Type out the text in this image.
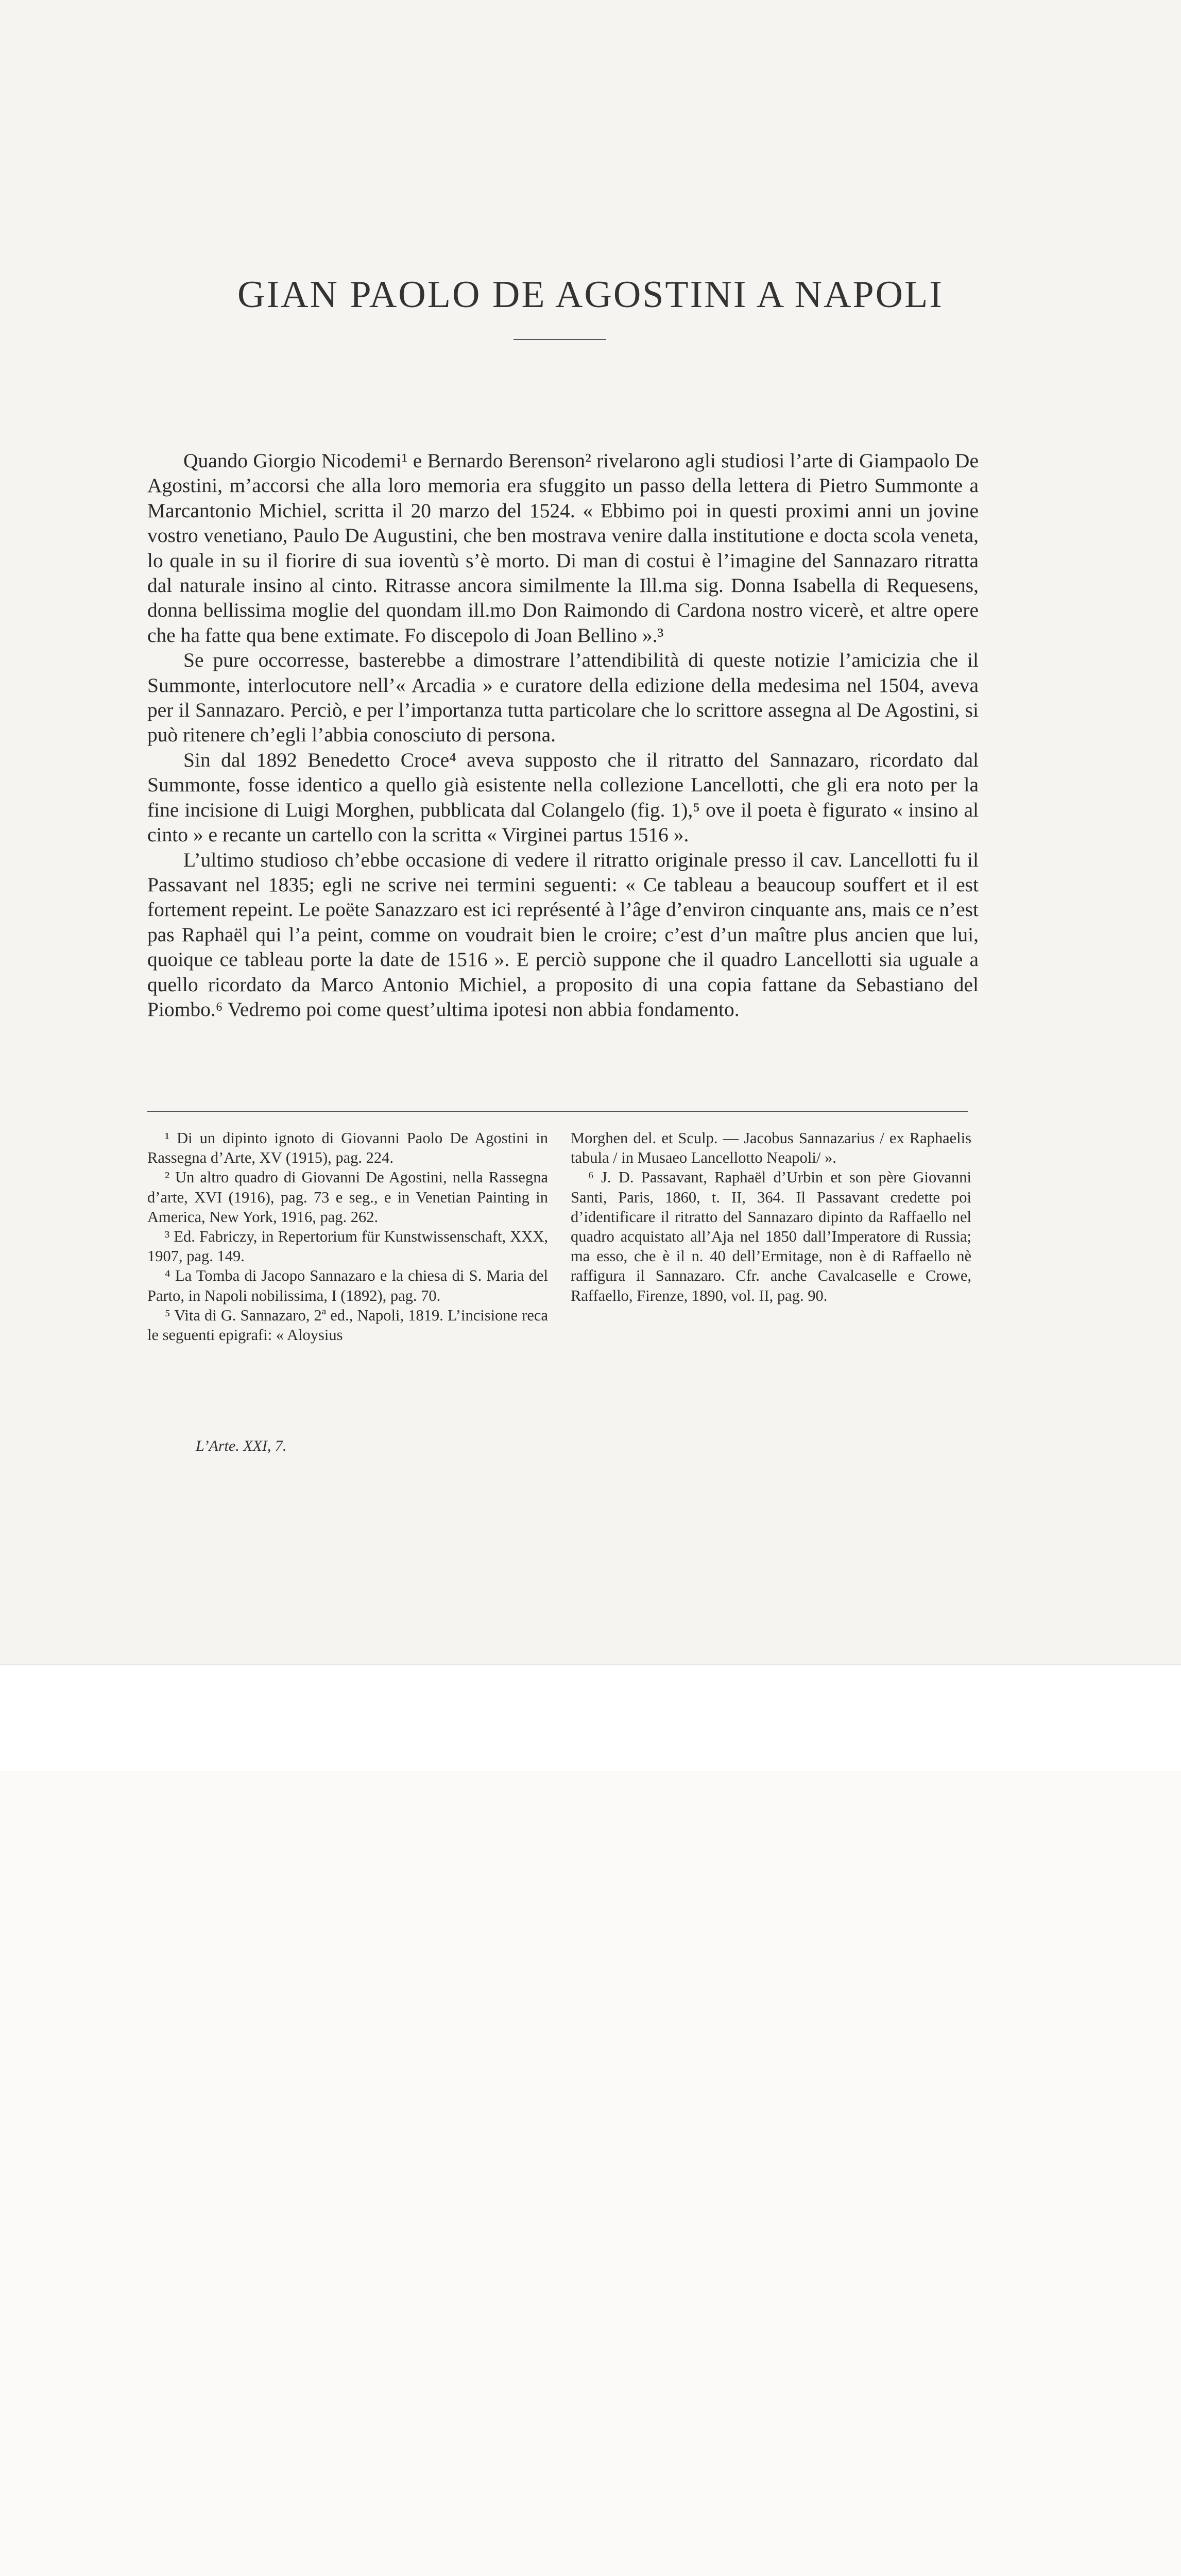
GIAN PAOLO DE AGOSTINI A NAPOLI

Quando Giorgio Nicodemi¹ e Bernardo Berenson² rivelarono agli studiosi l’arte di Giampaolo De Agostini, m’accorsi che alla loro memoria era sfuggito un passo della lettera di Pietro Summonte a Marcantonio Michiel, scritta il 20 marzo del 1524. « Ebbimo poi in questi proximi anni un jovine vostro venetiano, Paulo De Augustini, che ben mostrava venire dalla institutione e docta scola veneta, lo quale in su il fiorire di sua ioventù s’è morto. Di man di costui è l’imagine del Sannazaro ritratta dal naturale insino al cinto. Ritrasse ancora similmente la Ill.ma sig. Donna Isabella di Requesens, donna bellissima moglie del quondam ill.mo Don Raimondo di Cardona nostro vicerè, et altre opere che ha fatte qua bene extimate. Fo discepolo di Joan Bellino ».³

Se pure occorresse, basterebbe a dimostrare l’attendibilità di queste notizie l’amicizia che il Summonte, interlocutore nell’« Arcadia » e curatore della edizione della medesima nel 1504, aveva per il Sannazaro. Perciò, e per l’importanza tutta particolare che lo scrittore assegna al De Agostini, si può ritenere ch’egli l’abbia conosciuto di persona.

Sin dal 1892 Benedetto Croce⁴ aveva supposto che il ritratto del Sannazaro, ricordato dal Summonte, fosse identico a quello già esistente nella collezione Lancellotti, che gli era noto per la fine incisione di Luigi Morghen, pubblicata dal Colangelo (fig. 1),⁵ ove il poeta è figurato « insino al cinto » e recante un cartello con la scritta « Virginei partus 1516 ».

L’ultimo studioso ch’ebbe occasione di vedere il ritratto originale presso il cav. Lancellotti fu il Passavant nel 1835; egli ne scrive nei termini seguenti: « Ce tableau a beaucoup souffert et il est fortement repeint. Le poëte Sanazzaro est ici représenté à l’âge d’environ cinquante ans, mais ce n’est pas Raphaël qui l’a peint, comme on voudrait bien le croire; c’est d’un maître plus ancien que lui, quoique ce tableau porte la date de 1516 ». E perciò suppone che il quadro Lancellotti sia uguale a quello ricordato da Marco Antonio Michiel, a proposito di una copia fattane da Sebastiano del Piombo.⁶ Vedremo poi come quest’ultima ipotesi non abbia fondamento.

¹ Di un dipinto ignoto di Giovanni Paolo De Agostini in Rassegna d’Arte, XV (1915), pag. 224.

² Un altro quadro di Giovanni De Agostini, nella Rassegna d’arte, XVI (1916), pag. 73 e seg., e in Venetian Painting in America, New York, 1916, pag. 262.

³ Ed. Fabriczy, in Repertorium für Kunstwissenschaft, XXX, 1907, pag. 149.

⁴ La Tomba di Jacopo Sannazaro e la chiesa di S. Maria del Parto, in Napoli nobilissima, I (1892), pag. 70.

⁵ Vita di G. Sannazaro, 2ª ed., Napoli, 1819. L’incisione reca le seguenti epigrafi: « Aloysius

Morghen del. et Sculp. — Jacobus Sannazarius / ex Raphaelis tabula / in Musaeo Lancellotto Neapoli/ ».

⁶ J. D. Passavant, Raphaël d’Urbin et son père Giovanni Santi, Paris, 1860, t. II, 364. Il Passavant credette poi d’identificare il ritratto del Sannazaro dipinto da Raffaello nel quadro acquistato all’Aja nel 1850 dall’Imperatore di Russia; ma esso, che è il n. 40 dell’Ermitage, non è di Raffaello nè raffigura il Sannazaro. Cfr. anche Cavalcaselle e Crowe, Raffaello, Firenze, 1890, vol. II, pag. 90.

L’Arte. XXI, 7.
